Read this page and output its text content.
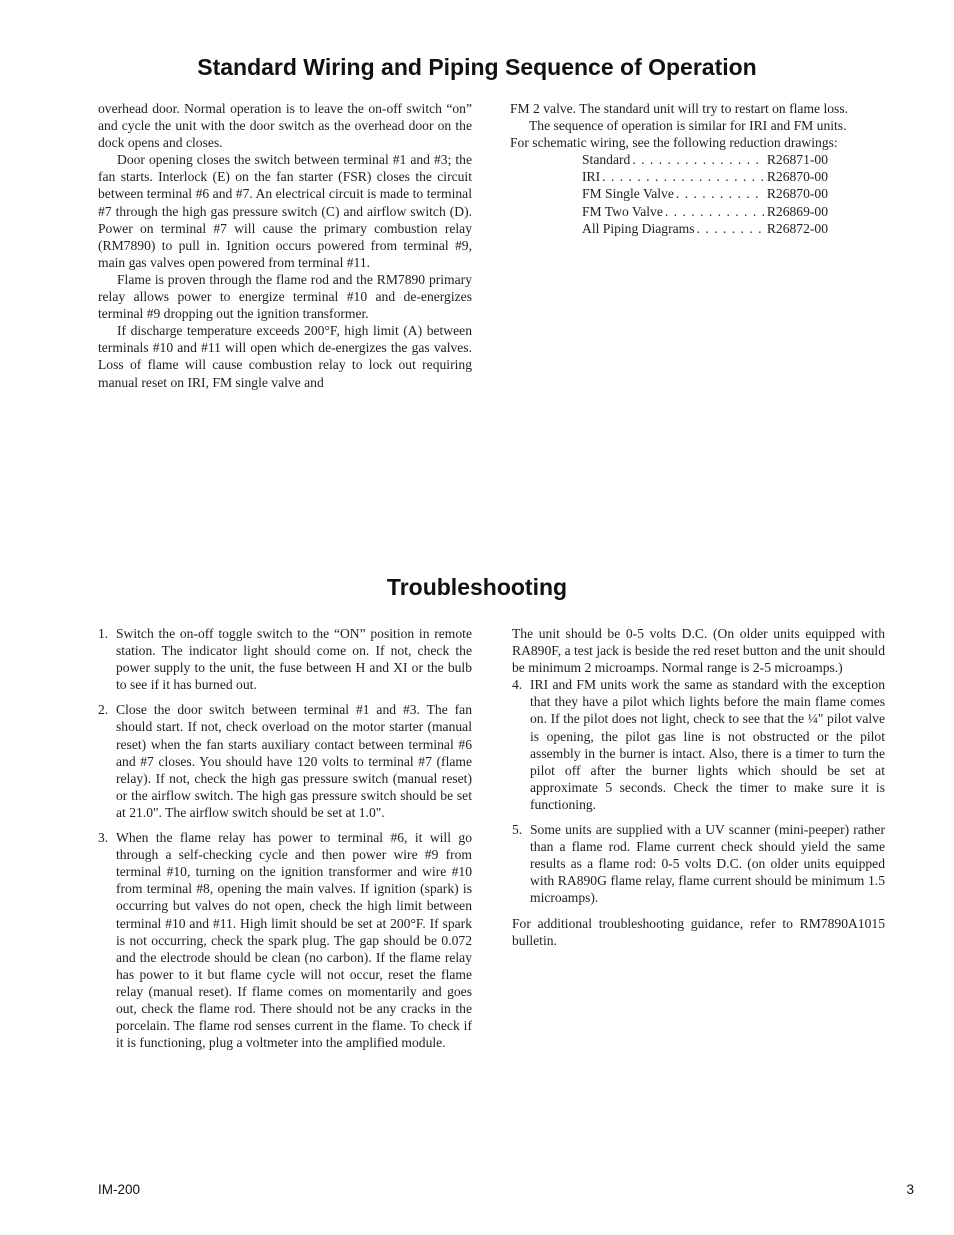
Standard Wiring and Piping Sequence of Operation

overhead door. Normal operation is to leave the on-off switch “on” and cycle the unit with the door switch as the overhead door on the dock opens and closes.

Door opening closes the switch between terminal #1 and #3; the fan starts. Interlock (E) on the fan starter (FSR) closes the circuit between terminal #6 and #7. An electrical circuit is made to terminal #7 through the high gas pressure switch (C) and airflow switch (D). Power on terminal #7 will cause the primary combustion relay (RM7890) to pull in. Ignition occurs powered from terminal #9, main gas valves open powered from terminal #11.

Flame is proven through the flame rod and the RM7890 primary relay allows power to energize terminal #10 and de-energizes terminal #9 dropping out the ignition transformer.

If discharge temperature exceeds 200°F, high limit (A) between terminals #10 and #11 will open which de-energizes the gas valves. Loss of flame will cause combustion relay to lock out requiring manual reset on IRI, FM single valve and

FM 2 valve. The standard unit will try to restart on flame loss.

The sequence of operation is similar for IRI and FM units.

For schematic wiring, see the following reduction drawings:

Standard . . .	R26871-00
IRI . . .	R26870-00
FM Single Valve . . .	R26870-00
FM Two Valve . . .	R26869-00
All Piping Diagrams . . .	R26872-00
Troubleshooting
1. Switch the on-off toggle switch to the “ON” position in remote station. The indicator light should come on. If not, check the power supply to the unit, the fuse between H and XI or the bulb to see if it has burned out.
2. Close the door switch between terminal #1 and #3. The fan should start. If not, check overload on the motor starter (manual reset) when the fan starts auxiliary contact between terminal #6 and #7 closes. You should have 120 volts to terminal #7 (flame relay). If not, check the high gas pressure switch (manual reset) or the airflow switch. The high gas pressure switch should be set at 21.0". The airflow switch should be set at 1.0".
3. When the flame relay has power to terminal #6, it will go through a self-checking cycle and then power wire #9 from terminal #10, turning on the ignition transformer and wire #10 from terminal #8, opening the main valves. If ignition (spark) is occurring but valves do not open, check the high limit between terminal #10 and #11. High limit should be set at 200°F. If spark is not occurring, check the spark plug. The gap should be 0.072 and the electrode should be clean (no carbon). If the flame relay has power to it but flame cycle will not occur, reset the flame relay (manual reset). If flame comes on momentarily and goes out, check the flame rod. There should not be any cracks in the porcelain. The flame rod senses current in the flame. To check if it is functioning, plug a voltmeter into the amplified module.

The unit should be 0-5 volts D.C. (On older units equipped with RA890F, a test jack is beside the red reset button and the unit should be minimum 2 microamps. Normal range is 2-5 microamps.)

4. IRI and FM units work the same as standard with the exception that they have a pilot which lights before the main flame comes on. If the pilot does not light, check to see that the ¼" pilot valve is opening, the pilot gas line is not obstructed or the pilot assembly in the burner is intact. Also, there is a timer to turn the pilot off after the burner lights which should be set at approximate 5 seconds. Check the timer to make sure it is functioning.
5. Some units are supplied with a UV scanner (mini-peeper) rather than a flame rod. Flame current check should yield the same results as a flame rod: 0-5 volts D.C. (on older units equipped with RA890G flame relay, flame current should be minimum 1.5 microamps).

For additional troubleshooting guidance, refer to RM7890A1015 bulletin.

IM-200	3
